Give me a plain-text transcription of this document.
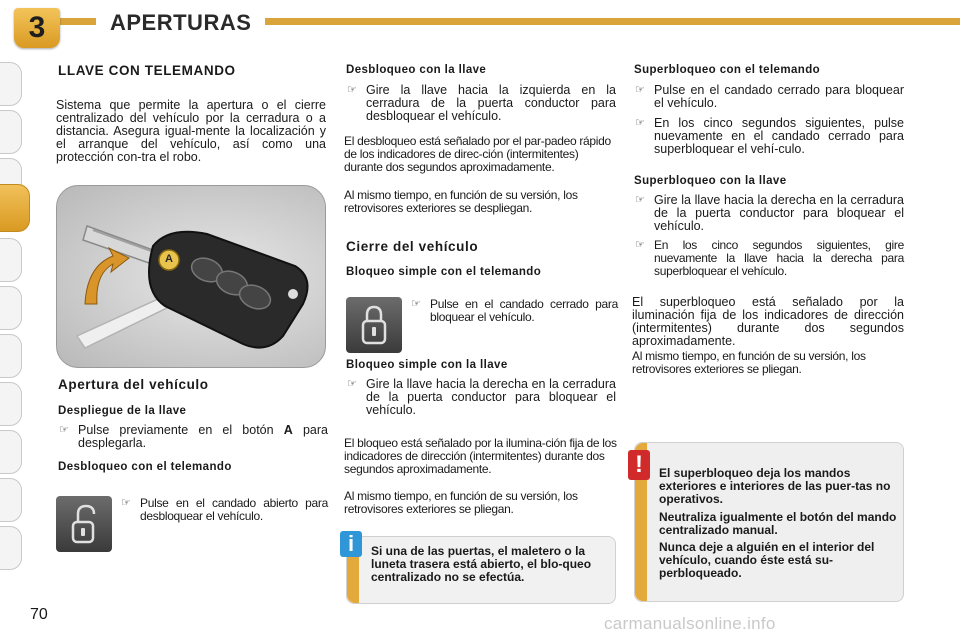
3	APERTURAS
LLAVE CON TELEMANDO
Sistema que permite la apertura o el cierre centralizado del vehículo por la cerradura o a distancia. Asegura igual-mente la localización y el arranque del vehículo, así como una protección con-tra el robo.
A
Apertura del vehículo
Despliegue de la llave
☞ Pulse previamente en el botón A para desplegarla.
Desbloqueo con el telemando
☞ Pulse en el candado abierto para desbloquear el vehículo.
Desbloqueo con la llave
☞ Gire la llave hacia la izquierda en la cerradura de la puerta conductor para desbloquear el vehículo.
El desbloqueo está señalado por el par-padeo rápido de los indicadores de direc-ción (intermitentes) durante dos segundos aproximadamente.
Al mismo tiempo, en función de su versión, los retrovisores exteriores se despliegan.
Cierre del vehículo
Bloqueo simple con el telemando
☞ Pulse en el candado cerrado para bloquear el vehículo.
Bloqueo simple con la llave
☞ Gire la llave hacia la derecha en la cerradura de la puerta conductor para bloquear el vehículo.
El bloqueo está señalado por la ilumina-ción fija de los indicadores de dirección (intermitentes) durante dos segundos aproximadamente.
Al mismo tiempo, en función de su versión, los retrovisores exteriores se pliegan.
Si una de las puertas, el maletero o la luneta trasera está abierto, el blo-queo centralizado no se efectúa.
i
Superbloqueo con el telemando
☞ Pulse en el candado cerrado para bloquear el vehículo.
☞ En los cinco segundos siguientes, pulse nuevamente en el candado cerrado para superbloquear el vehí-culo.
Superbloqueo con la llave
☞ Gire la llave hacia la derecha en la cerradura de la puerta conductor para bloquear el vehículo.
☞ En los cinco segundos siguientes, gire nuevamente la llave hacia la derecha para superbloquear el vehículo.
El superbloqueo está señalado por la iluminación fija de los indicadores de dirección (intermitentes) durante dos segundos aproximadamente.
Al mismo tiempo, en función de su versión, los retrovisores exteriores se pliegan.
El superbloqueo deja los mandos exteriores e interiores de las puer-tas no operativos.
Neutraliza igualmente el botón del mando centralizado manual.
Nunca deje a alguién en el interior del vehículo, cuando éste está su-perbloqueado.
!
70	carmanualsonline.info
